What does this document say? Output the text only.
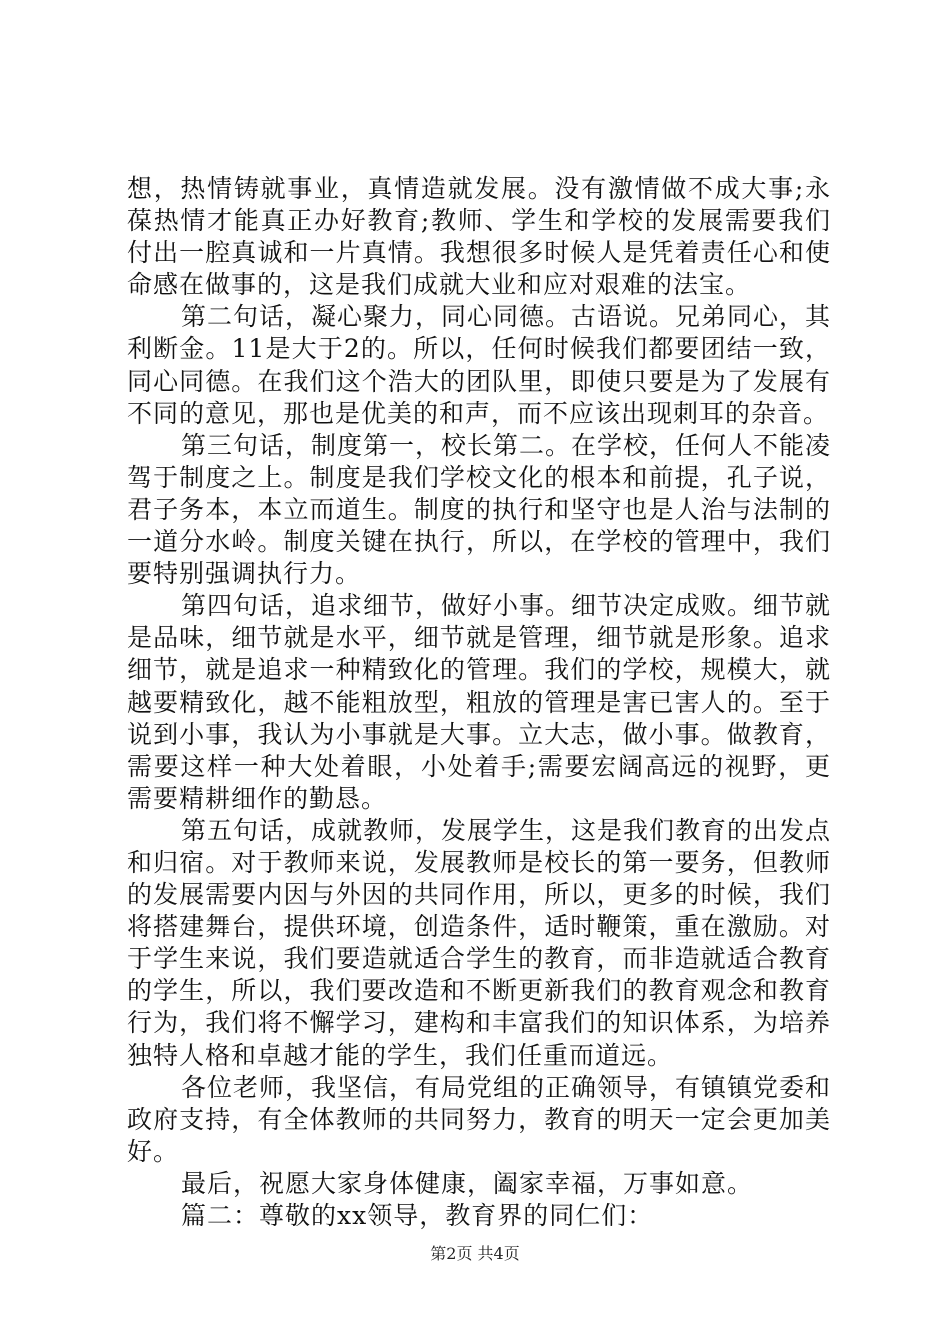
想，热情铸就事业，真情造就发展。没有激情做不成大事;永葆热情才能真正办好教育;教师、学生和学校的发展需要我们付出一腔真诚和一片真情。我想很多时候人是凭着责任心和使命感在做事的，这是我们成就大业和应对艰难的法宝。

第二句话，凝心聚力，同心同德。古语说。兄弟同心，其利断金。11是大于2的。所以，任何时候我们都要团结一致，同心同德。在我们这个浩大的团队里，即使只要是为了发展有不同的意见，那也是优美的和声，而不应该出现刺耳的杂音。

第三句话，制度第一，校长第二。在学校，任何人不能凌驾于制度之上。制度是我们学校文化的根本和前提，孔子说，君子务本，本立而道生。制度的执行和坚守也是人治与法制的一道分水岭。制度关键在执行，所以，在学校的管理中，我们要特别强调执行力。

第四句话，追求细节，做好小事。细节决定成败。细节就是品味，细节就是水平，细节就是管理，细节就是形象。追求细节，就是追求一种精致化的管理。我们的学校，规模大，就越要精致化，越不能粗放型，粗放的管理是害已害人的。至于说到小事，我认为小事就是大事。立大志，做小事。做教育，需要这样一种大处着眼，小处着手;需要宏阔高远的视野，更需要精耕细作的勤恳。

第五句话，成就教师，发展学生，这是我们教育的出发点和归宿。对于教师来说，发展教师是校长的第一要务，但教师的发展需要内因与外因的共同作用，所以，更多的时候，我们将搭建舞台，提供环境，创造条件，适时鞭策，重在激励。对于学生来说，我们要造就适合学生的教育，而非造就适合教育的学生，所以，我们要改造和不断更新我们的教育观念和教育行为，我们将不懈学习，建构和丰富我们的知识体系，为培养独特人格和卓越才能的学生，我们任重而道远。

各位老师，我坚信，有局党组的正确领导，有镇镇党委和政府支持，有全体教师的共同努力，教育的明天一定会更加美好。

最后，祝愿大家身体健康，阖家幸福，万事如意。

篇二：尊敬的xx领导，教育界的同仁们：

第2页 共4页
